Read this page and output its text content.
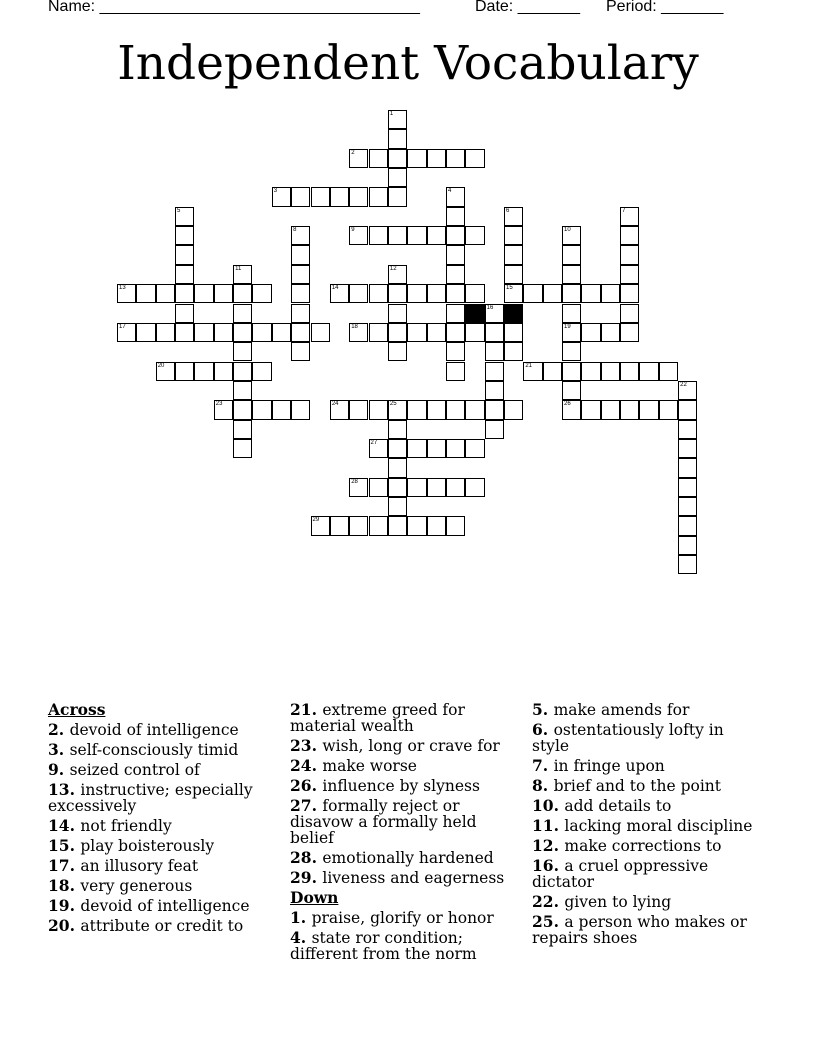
Name: ____________________________________	Date: _______ Period: _______
Independent Vocabulary
1
2
3	4
5	6
15
7
8	9	10
19
26
11	12
13	14
16
17	18
20	21
22
23	24	25
27
28
29
Across
2. devoid of intelligence
3. self-consciously timid
9. seized control of
13. instructive; especially excessively
14. not friendly
15. play boisterously
17. an illusory feat
18. very generous
19. devoid of intelligence
20. attribute or credit to
21. extreme greed for material wealth
23. wish, long or crave for
24. make worse
26. influence by slyness
27. formally reject or disavow a formally held belief
28. emotionally hardened
29. liveness and eagerness
Down
1. praise, glorify or honor
4. state ror condition; different from the norm
5. make amends for
6. ostentatiously lofty in style
7. in fringe upon
8. brief and to the point
10. add details to
11. lacking moral discipline
12. make corrections to
16. a cruel oppressive dictator
22. given to lying
25. a person who makes or repairs shoes
